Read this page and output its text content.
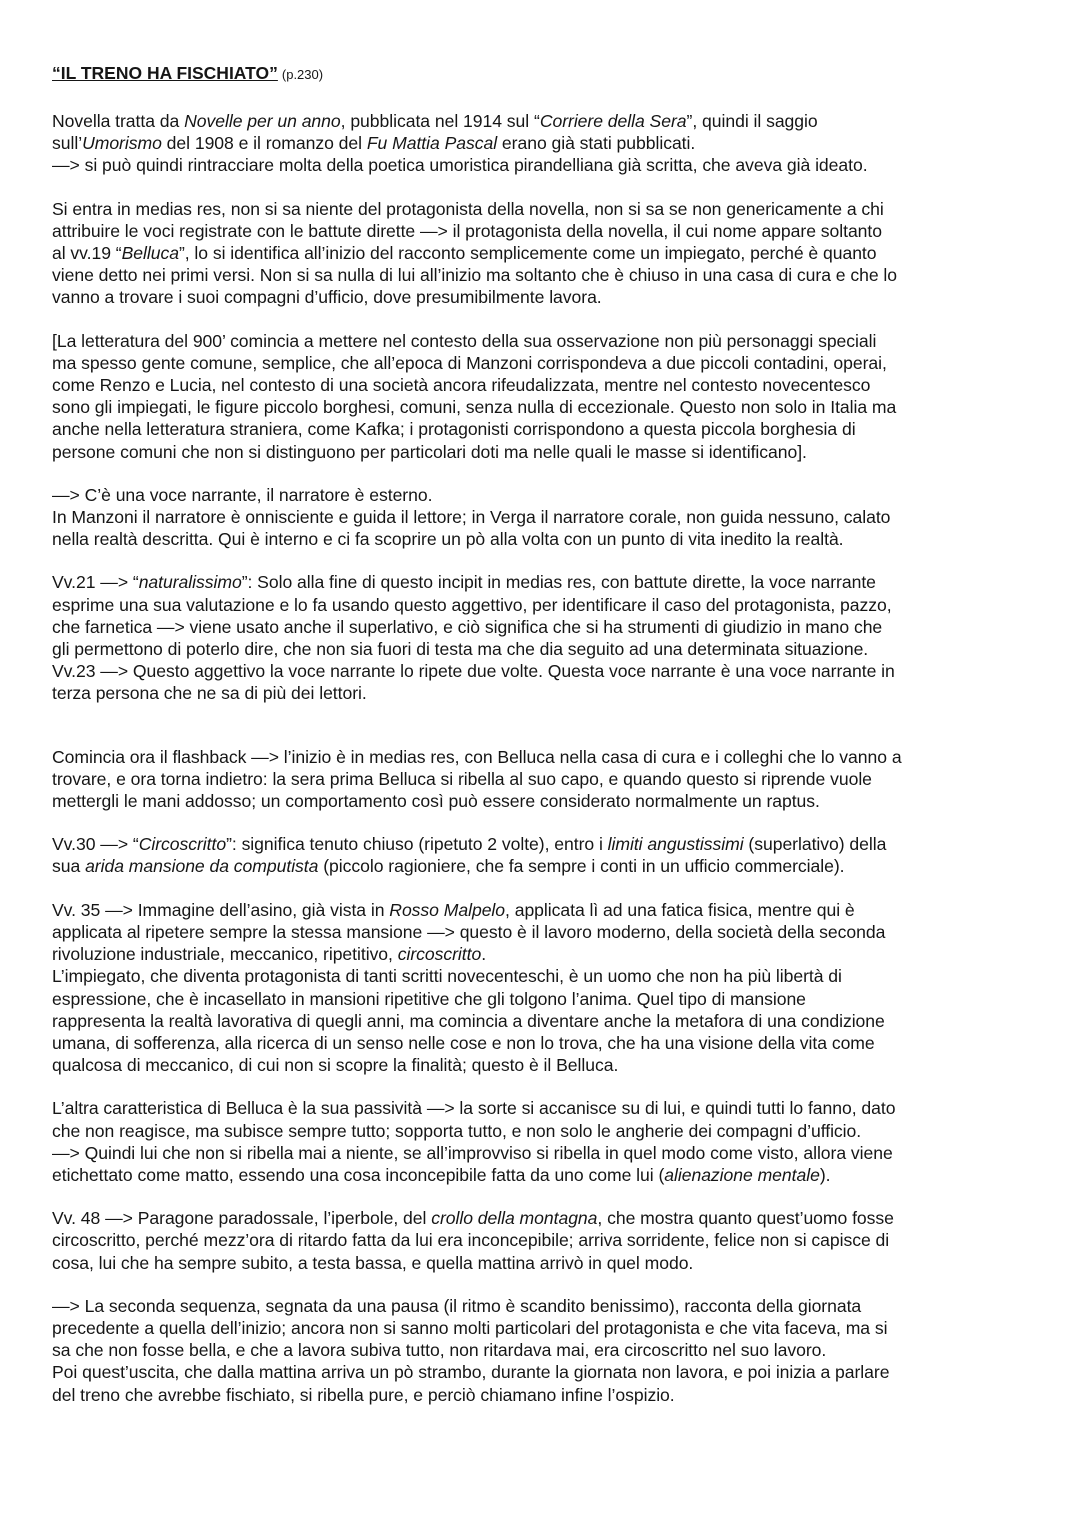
“IL TRENO HA FISCHIATO” (p.230)

Novella tratta da Novelle per un anno, pubblicata nel 1914 sul “Corriere della Sera”, quindi il saggio
sull’Umorismo del 1908 e il romanzo del Fu Mattia Pascal erano già stati pubblicati.
—> si può quindi rintracciare molta della poetica umoristica pirandelliana già scritta, che aveva già ideato.

Si entra in medias res, non si sa niente del protagonista della novella, non si sa se non genericamente a chi
attribuire le voci registrate con le battute dirette —> il protagonista della novella, il cui nome appare soltanto
al vv.19 “Belluca”, lo si identifica all’inizio del racconto semplicemente come un impiegato, perché è quanto
viene detto nei primi versi. Non si sa nulla di lui all’inizio ma soltanto che è chiuso in una casa di cura e che lo
vanno a trovare i suoi compagni d’ufficio, dove presumibilmente lavora.

[La letteratura del 900’ comincia a mettere nel contesto della sua osservazione non più personaggi speciali
ma spesso gente comune, semplice, che all’epoca di Manzoni corrispondeva a due piccoli contadini, operai,
come Renzo e Lucia, nel contesto di una società ancora rifeudalizzata, mentre nel contesto novecentesco
sono gli impiegati, le figure piccolo borghesi, comuni, senza nulla di eccezionale. Questo non solo in Italia ma
anche nella letteratura straniera, come Kafka; i protagonisti corrispondono a questa piccola borghesia di
persone comuni che non si distinguono per particolari doti ma nelle quali le masse si identificano].

—> C’è una voce narrante, il narratore è esterno.
In Manzoni il narratore è onnisciente e guida il lettore; in Verga il narratore corale, non guida nessuno, calato
nella realtà descritta. Qui è interno e ci fa scoprire un pò alla volta con un punto di vita inedito la realtà.

Vv.21 —> “naturalissimo”: Solo alla fine di questo incipit in medias res, con battute dirette, la voce narrante
esprime una sua valutazione e lo fa usando questo aggettivo, per identificare il caso del protagonista, pazzo,
che farnetica —> viene usato anche il superlativo, e ciò significa che si ha strumenti di giudizio in mano che
gli permettono di poterlo dire, che non sia fuori di testa ma che dia seguito ad una determinata situazione.
Vv.23 —> Questo aggettivo la voce narrante lo ripete due volte. Questa voce narrante è una voce narrante in
terza persona che ne sa di più dei lettori.

Comincia ora il flashback —> l’inizio è in medias res, con Belluca nella casa di cura e i colleghi che lo vanno a
trovare, e ora torna indietro: la sera prima Belluca si ribella al suo capo, e quando questo si riprende vuole
mettergli le mani addosso; un comportamento così può essere considerato normalmente un raptus.

Vv.30 —> “Circoscritto”: significa tenuto chiuso (ripetuto 2 volte), entro i limiti angustissimi (superlativo) della
sua arida mansione da computista (piccolo ragioniere, che fa sempre i conti in un ufficio commerciale).

Vv. 35 —> Immagine dell’asino, già vista in Rosso Malpelo, applicata lì ad una fatica fisica, mentre qui è
applicata al ripetere sempre la stessa mansione —> questo è il lavoro moderno, della società della seconda
rivoluzione industriale, meccanico, ripetitivo, circoscritto.
L’impiegato, che diventa protagonista di tanti scritti novecenteschi, è un uomo che non ha più libertà di
espressione, che è incasellato in mansioni ripetitive che gli tolgono l’anima. Quel tipo di mansione
rappresenta la realtà lavorativa di quegli anni, ma comincia a diventare anche la metafora di una condizione
umana, di sofferenza, alla ricerca di un senso nelle cose e non lo trova, che ha una visione della vita come
qualcosa di meccanico, di cui non si scopre la finalità; questo è il Belluca.

L’altra caratteristica di Belluca è la sua passività —> la sorte si accanisce su di lui, e quindi tutti lo fanno, dato
che non reagisce, ma subisce sempre tutto; sopporta tutto, e non solo le angherie dei compagni d’ufficio.
—> Quindi lui che non si ribella mai a niente, se all’improvviso si ribella in quel modo come visto, allora viene
etichettato come matto, essendo una cosa inconcepibile fatta da uno come lui (alienazione mentale).

Vv. 48 —> Paragone paradossale, l’iperbole, del crollo della montagna, che mostra quanto quest’uomo fosse
circoscritto, perché mezz’ora di ritardo fatta da lui era inconcepibile; arriva sorridente, felice non si capisce di
cosa, lui che ha sempre subito, a testa bassa, e quella mattina arrivò in quel modo.

—> La seconda sequenza, segnata da una pausa (il ritmo è scandito benissimo), racconta della giornata
precedente a quella dell’inizio; ancora non si sanno molti particolari del protagonista e che vita faceva, ma si
sa che non fosse bella, e che a lavora subiva tutto, non ritardava mai, era circoscritto nel suo lavoro.
Poi quest’uscita, che dalla mattina arriva un pò strambo, durante la giornata non lavora, e poi inizia a parlare
del treno che avrebbe fischiato, si ribella pure, e perciò chiamano infine l’ospizio.
